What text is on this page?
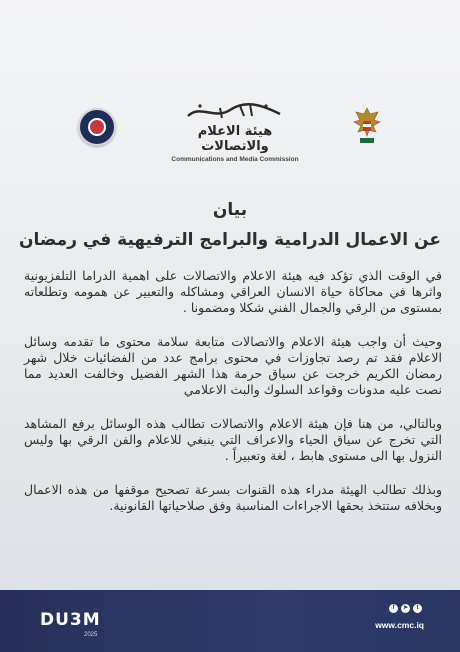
هيئة الاعلام والاتصالات
Communications and Media Commission
بيان
عن الاعمال الدرامية والبرامج الترفيهية في رمضان

في الوقت الذي تؤكد فيه هيئة الاعلام والاتصالات على اهمية الدراما التلفزيونية واثرها في محاكاة حياة الانسان العراقي ومشاكله والتعبير عن همومه وتطلعاته بمستوى من الرقي والجمال الفني شكلا ومضمونا .

وحيث أن واجب هيئة الاعلام والاتصالات متابعة سلامة محتوى ما تقدمه وسائل الاعلام فقد تم رصد تجاوزات في محتوى برامج عدد من الفضائيات خلال شهر رمضان الكريم خرجت عن سياق حرمة هذا الشهر الفضيل وخالفت العديد مما نصت عليه مدونات وقواعد السلوك والبث الاعلامي

وبالتالي، من هنا فإن هيئة الاعلام والاتصالات تطالب هذه الوسائل برفع المشاهد التي تخرج عن سياق الحياء والاعراف التي ينبغي للاعلام والفن الرقي بها وليس النزول بها الى مستوى هابط ، لغة وتعبيراً .

وبذلك تطالب الهيئة مدراء هذه القنوات بسرعة تصحيح موقفها من هذه الاعمال وبخلافه ستتخذ بحقها الاجراءات المناسبة وفق صلاحياتها القانونية.

DU3M
2025
f	➤	t
www.cmc.iq
